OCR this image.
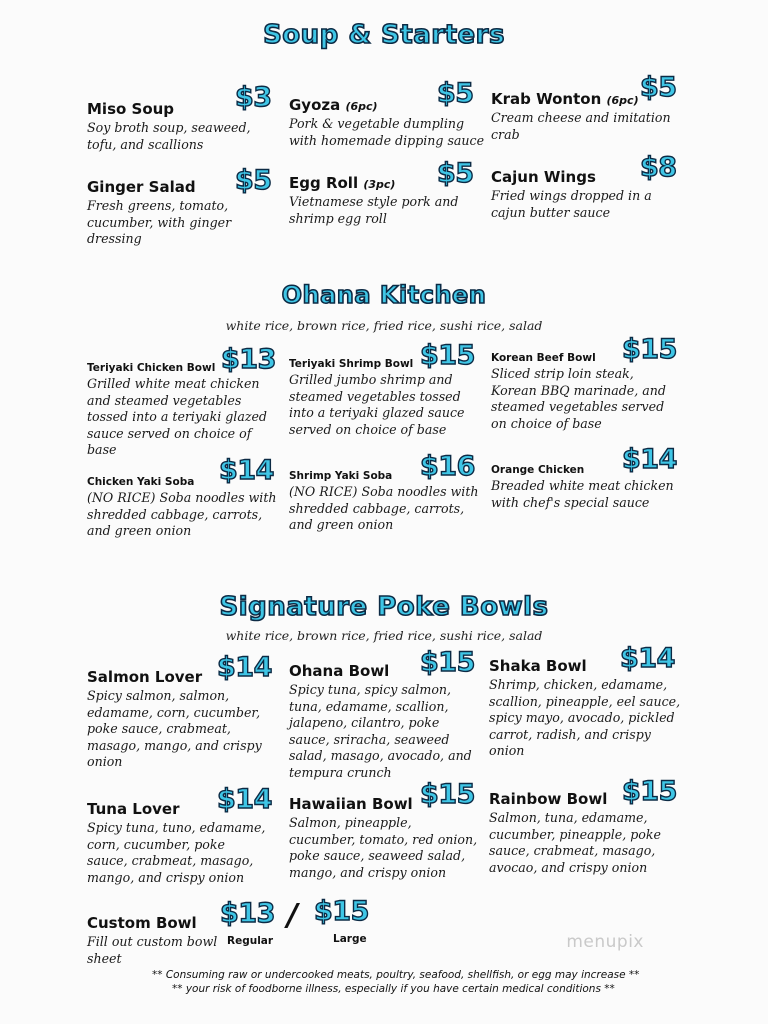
Soup & Starters
Miso Soup
Soy broth soup, seaweed, tofu, and scallions
$3 Gyoza (6pc)
Pork & vegetable dumpling with homemade dipping sauce
$5 Krab Wonton (6pc)
Cream cheese and imitation crab
$5
Ginger Salad
Fresh greens, tomato, cucumber, with ginger dressing
$5 Egg Roll (3pc)
Vietnamese style pork and shrimp egg roll
$5 Cajun Wings
Fried wings dropped in a cajun butter sauce
$8
Ohana Kitchen
white rice, brown rice, fried rice, sushi rice, salad
Teriyaki Chicken Bowl
Grilled white meat chicken and steamed vegetables tossed into a teriyaki glazed sauce served on choice of base
$13 Teriyaki Shrimp Bowl
Grilled jumbo shrimp and steamed vegetables tossed into a teriyaki glazed sauce served on choice of base
$15 Korean Beef Bowl
Sliced strip loin steak, Korean BBQ marinade, and steamed vegetables served on choice of base
$15
Chicken Yaki Soba
(NO RICE) Soba noodles with shredded cabbage, carrots, and green onion
$14 Shrimp Yaki Soba
(NO RICE) Soba noodles with shredded cabbage, carrots, and green onion
$16 Orange Chicken
Breaded white meat chicken with chef's special sauce
$14
Signature Poke Bowls
white rice, brown rice, fried rice, sushi rice, salad
Salmon Lover
Spicy salmon, salmon, edamame, corn, cucumber, poke sauce, crabmeat, masago, mango, and crispy onion
$14 Ohana Bowl
Spicy tuna, spicy salmon, tuna, edamame, scallion, jalapeno, cilantro, poke sauce, sriracha, seaweed salad, masago, avocado, and tempura crunch
$15 Shaka Bowl
Shrimp, chicken, edamame, scallion, pineapple, eel sauce, spicy mayo, avocado, pickled carrot, radish, and crispy onion
$14
Tuna Lover
Spicy tuna, tuno, edamame, corn, cucumber, poke sauce, crabmeat, masago, mango, and crispy onion
$14 Hawaiian Bowl
Salmon, pineapple, cucumber, tomato, red onion, poke sauce, seaweed salad, mango, and crispy onion
$15 Rainbow Bowl
Salmon, tuna, edamame, cucumber, pineapple, poke sauce, crabmeat, masago, avocao, and crispy onion
$15
Custom Bowl
Fill out custom bowl sheet
$13
Regular
/ $15
Large	menupix
** Consuming raw or undercooked meats, poultry, seafood, shellfish, or egg may increase **
** your risk of foodborne illness, especially if you have certain medical conditions **
